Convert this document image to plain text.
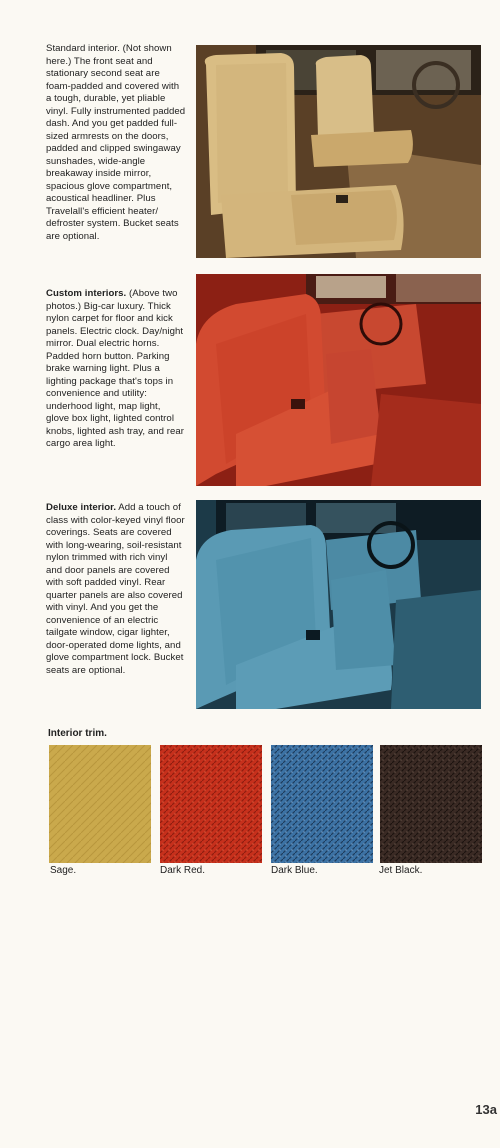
Standard interior. (Not shown here.) The front seat and stationary second seat are foam-padded and covered with a tough, durable, yet pliable vinyl. Fully instrumented padded dash. And you get padded full-sized armrests on the doors, padded and clipped swingaway sunshades, wide-angle breakaway inside mirror, spacious glove compartment, acoustical headliner. Plus Travelall's efficient heater/ defroster system. Bucket seats are optional.
Custom interiors. (Above two photos.) Big-car luxury. Thick nylon carpet for floor and kick panels. Electric clock. Day/night mirror. Dual electric horns. Padded horn button. Parking brake warning light. Plus a lighting package that's tops in convenience and utility: underhood light, map light, glove box light, lighted control knobs, lighted ash tray, and rear cargo area light.
Deluxe interior. Add a touch of class with color-keyed vinyl floor coverings. Seats are covered with long-wearing, soil-resistant nylon trimmed with rich vinyl and door panels are covered with soft padded vinyl. Rear quarter panels are also covered with vinyl. And you get the convenience of an electric tailgate window, cigar lighter, door-operated dome lights, and glove compartment lock. Bucket seats are optional.
Interior trim.
Sage.	Dark Red.	Dark Blue.	Jet Black.
13a
